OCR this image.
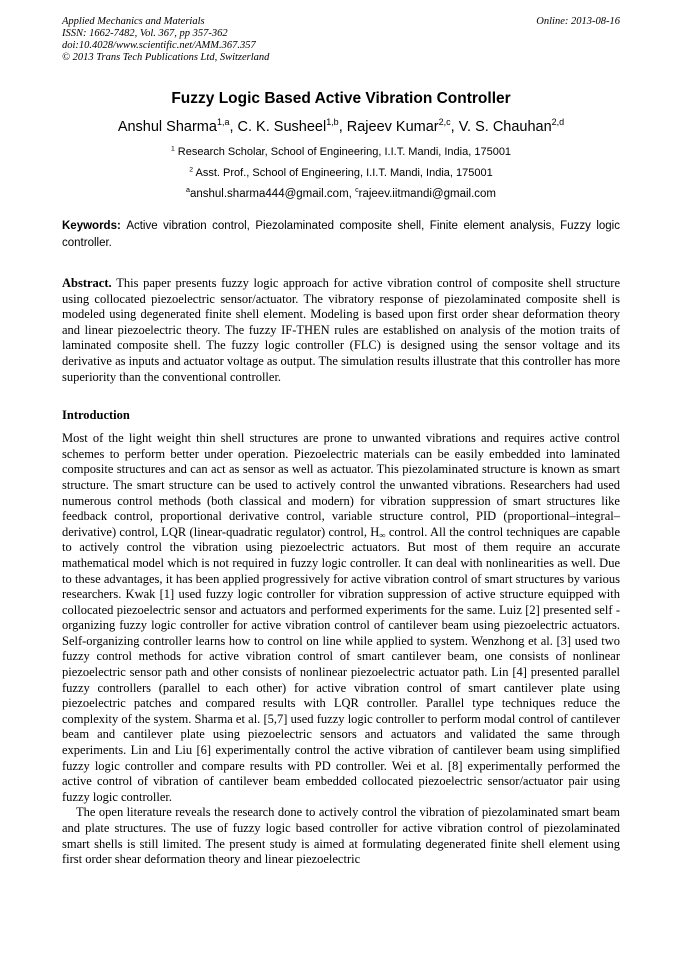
Applied Mechanics and Materials
ISSN: 1662-7482, Vol. 367, pp 357-362
doi:10.4028/www.scientific.net/AMM.367.357
© 2013 Trans Tech Publications Ltd, Switzerland
Online: 2013-08-16
Fuzzy Logic Based Active Vibration Controller
Anshul Sharma$^{1,a}$, C. K. Susheel$^{1,b}$, Rajeev Kumar$^{2,c}$, V. S. Chauhan$^{2,d}$
$^1$ Research Scholar, School of Engineering, I.I.T. Mandi, India, 175001
$^2$ Asst. Prof., School of Engineering, I.I.T. Mandi, India, 175001
$^a$anshul.sharma444@gmail.com, $^c$rajeev.iitmandi@gmail.com

Keywords: Active vibration control, Piezolaminated composite shell, Finite element analysis, Fuzzy logic controller.

Abstract. This paper presents fuzzy logic approach for active vibration control of composite shell structure using collocated piezoelectric sensor/actuator. The vibratory response of piezolaminated composite shell is modeled using degenerated finite shell element. Modeling is based upon first order shear deformation theory and linear piezoelectric theory. The fuzzy IF-THEN rules are established on analysis of the motion traits of laminated composite shell. The fuzzy logic controller (FLC) is designed using the sensor voltage and its derivative as inputs and actuator voltage as output. The simulation results illustrate that this controller has more superiority than the conventional controller.

Introduction

Most of the light weight thin shell structures are prone to unwanted vibrations and requires active control schemes to perform better under operation. Piezoelectric materials can be easily embedded into laminated composite structures and can act as sensor as well as actuator. This piezolaminated structure is known as smart structure. The smart structure can be used to actively control the unwanted vibrations. Researchers had used numerous control methods (both classical and modern) for vibration suppression of smart structures like feedback control, proportional derivative control, variable structure control, PID (proportional–integral–derivative) control, LQR (linear-quadratic regulator) control, $H_\infty$ control. All the control techniques are capable to actively control the vibration using piezoelectric actuators. But most of them require an accurate mathematical model which is not required in fuzzy logic controller. It can deal with nonlinearities as well. Due to these advantages, it has been applied progressively for active vibration control of smart structures by various researchers. Kwak [1] used fuzzy logic controller for vibration suppression of active structure equipped with collocated piezoelectric sensor and actuators and performed experiments for the same. Luiz [2] presented self -organizing fuzzy logic controller for active vibration control of cantilever beam using piezoelectric actuators. Self-organizing controller learns how to control on line while applied to system. Wenzhong et al. [3] used two fuzzy control methods for active vibration control of smart cantilever beam, one consists of nonlinear piezoelectric sensor path and other consists of nonlinear piezoelectric actuator path. Lin [4] presented parallel fuzzy controllers (parallel to each other) for active vibration control of smart cantilever plate using piezoelectric patches and compared results with LQR controller. Parallel type techniques reduce the complexity of the system. Sharma et al. [5,7] used fuzzy logic controller to perform modal control of cantilever beam and cantilever plate using piezoelectric sensors and actuators and validated the same through experiments. Lin and Liu [6] experimentally control the active vibration of cantilever beam using simplified fuzzy logic controller and compare results with PD controller. Wei et al. [8] experimentally performed the active control of vibration of cantilever beam embedded collocated piezoelectric sensor/actuator pair using fuzzy logic controller.

The open literature reveals the research done to actively control the vibration of piezolaminated smart beam and plate structures. The use of fuzzy logic based controller for active vibration control of piezolaminated smart shells is still limited. The present study is aimed at formulating degenerated finite shell element using first order shear deformation theory and linear piezoelectric
